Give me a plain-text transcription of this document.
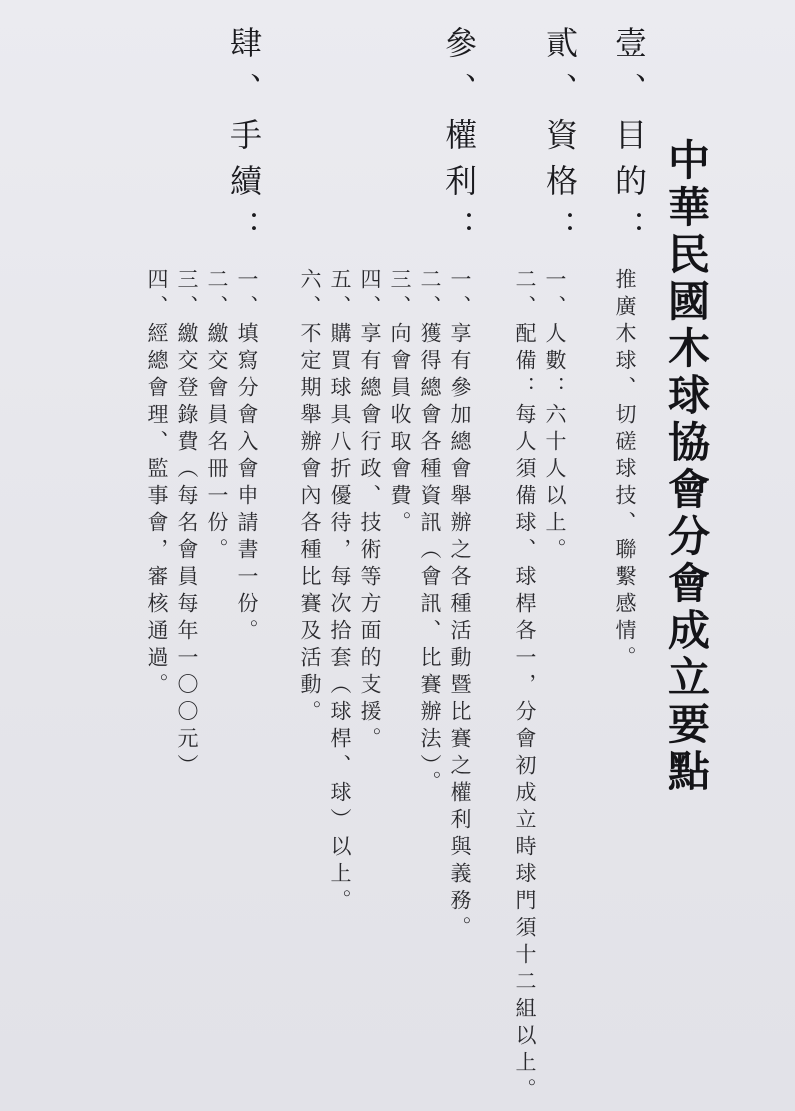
中華民國木球協會分會成立要點
壹、目的：
推廣木球、切磋球技、聯繫感情。
貳、資格：
一、人數：六十人以上。
二、配備：每人須備球、球桿各一，分會初成立時球門須十二組以上。
參、權利：
一、享有參加總會舉辦之各種活動暨比賽之權利與義務。
二、獲得總會各種資訊（會訊、比賽辦法）。
三、向會員收取會費。
四、享有總會行政、技術等方面的支援。
五、購買球具八折優待，每次拾套（球桿、球）以上。
六、不定期舉辦會內各種比賽及活動。
肆、手續：
一、填寫分會入會申請書一份。
二、繳交會員名冊一份。
三、繳交登錄費（每名會員每年一〇〇元）
四、經總會理、監事會，審核通過。
